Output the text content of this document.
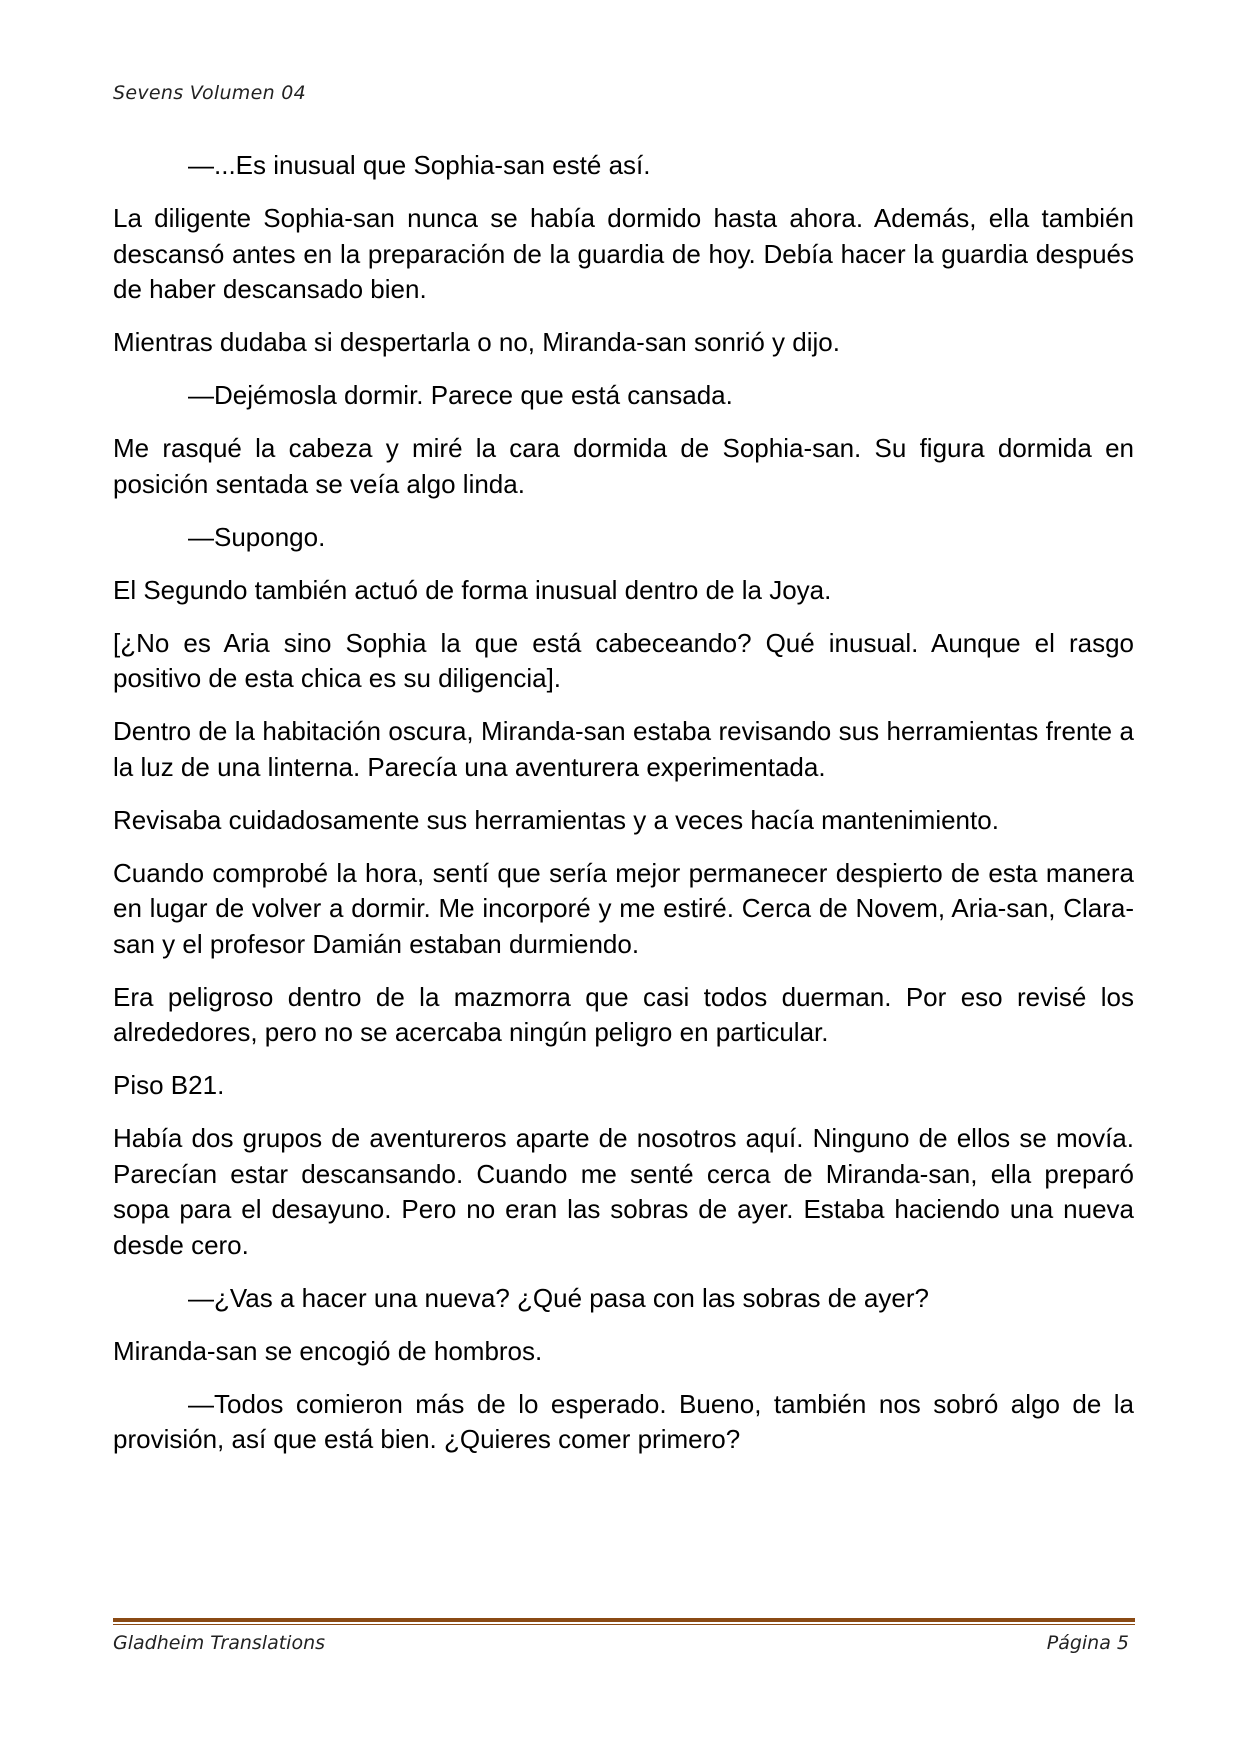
Sevens Volumen 04

—...Es inusual que Sophia-san esté así.

La diligente Sophia-san nunca se había dormido hasta ahora. Además, ella también descansó antes en la preparación de la guardia de hoy. Debía hacer la guardia después de haber descansado bien.

Mientras dudaba si despertarla o no, Miranda-san sonrió y dijo.

—Dejémosla dormir. Parece que está cansada.

Me rasqué la cabeza y miré la cara dormida de Sophia-san. Su figura dormida en posición sentada se veía algo linda.

—Supongo.

El Segundo también actuó de forma inusual dentro de la Joya.

[¿No es Aria sino Sophia la que está cabeceando? Qué inusual. Aunque el rasgo positivo de esta chica es su diligencia].

Dentro de la habitación oscura, Miranda-san estaba revisando sus herramientas frente a la luz de una linterna. Parecía una aventurera experimentada.

Revisaba cuidadosamente sus herramientas y a veces hacía mantenimiento.

Cuando comprobé la hora, sentí que sería mejor permanecer despierto de esta manera en lugar de volver a dormir. Me incorporé y me estiré. Cerca de Novem, Aria-san, Clara-san y el profesor Damián estaban durmiendo.

Era peligroso dentro de la mazmorra que casi todos duerman. Por eso revisé los alrededores, pero no se acercaba ningún peligro en particular.

Piso B21.

Había dos grupos de aventureros aparte de nosotros aquí. Ninguno de ellos se movía. Parecían estar descansando. Cuando me senté cerca de Miranda-san, ella preparó sopa para el desayuno. Pero no eran las sobras de ayer. Estaba haciendo una nueva desde cero.

—¿Vas a hacer una nueva? ¿Qué pasa con las sobras de ayer?

Miranda-san se encogió de hombros.

—Todos comieron más de lo esperado. Bueno, también nos sobró algo de la provisión, así que está bien. ¿Quieres comer primero?

Gladheim Translations	Página 5
